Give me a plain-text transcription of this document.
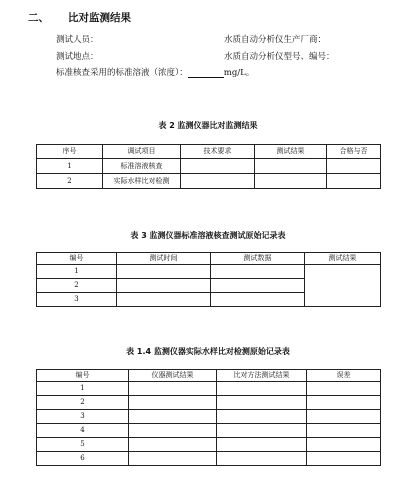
二、 比对监测结果
测试人员：	水质自动分析仪生产厂商：
测试地点：	水质自动分析仪型号、编号：
标准核查采用的标准溶液（浓度）：	mg/L。
表 2 监测仪器比对监测结果
序号	调试项目	技术要求	测试结果	合格与否
1	标准溶液核查			
2	实际水样比对检测			
表 3 监测仪器标准溶液核查测试原始记录表
编号	测试时间	测试数据	测试结果
1			
2			
3			
表 1.4 监测仪器实际水样比对检测原始记录表
编号	仪器测试结果	比对方法测试结果	误差
1			
2			
3			
4			
5			
6			
